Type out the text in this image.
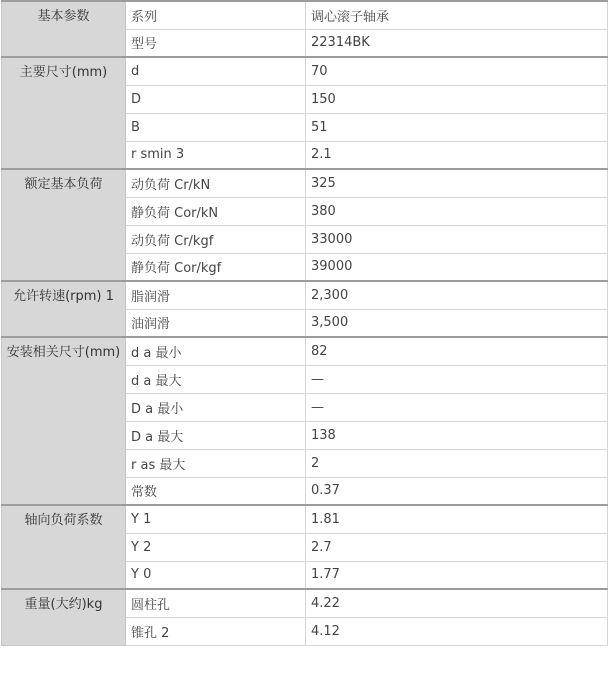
基本参数	系列	调心滚子轴承
	型号	22314BK
主要尺寸(mm)	d	70
	D	150
	B	51
	r smin 3	2.1
额定基本负荷	动负荷 Cr/kN	325
	静负荷 Cor/kN	380
	动负荷 Cr/kgf	33000
	静负荷 Cor/kgf	39000
允许转速(rpm) 1	脂润滑	2,300
	油润滑	3,500
安装相关尺寸(mm)	d a 最小	82
	d a 最大	—
	D a 最小	—
	D a 最大	138
	r as 最大	2
	常数	0.37
轴向负荷系数	Y 1	1.81
	Y 2	2.7
	Y 0	1.77
重量(大约)kg	圆柱孔	4.22
	锥孔 2	4.12
